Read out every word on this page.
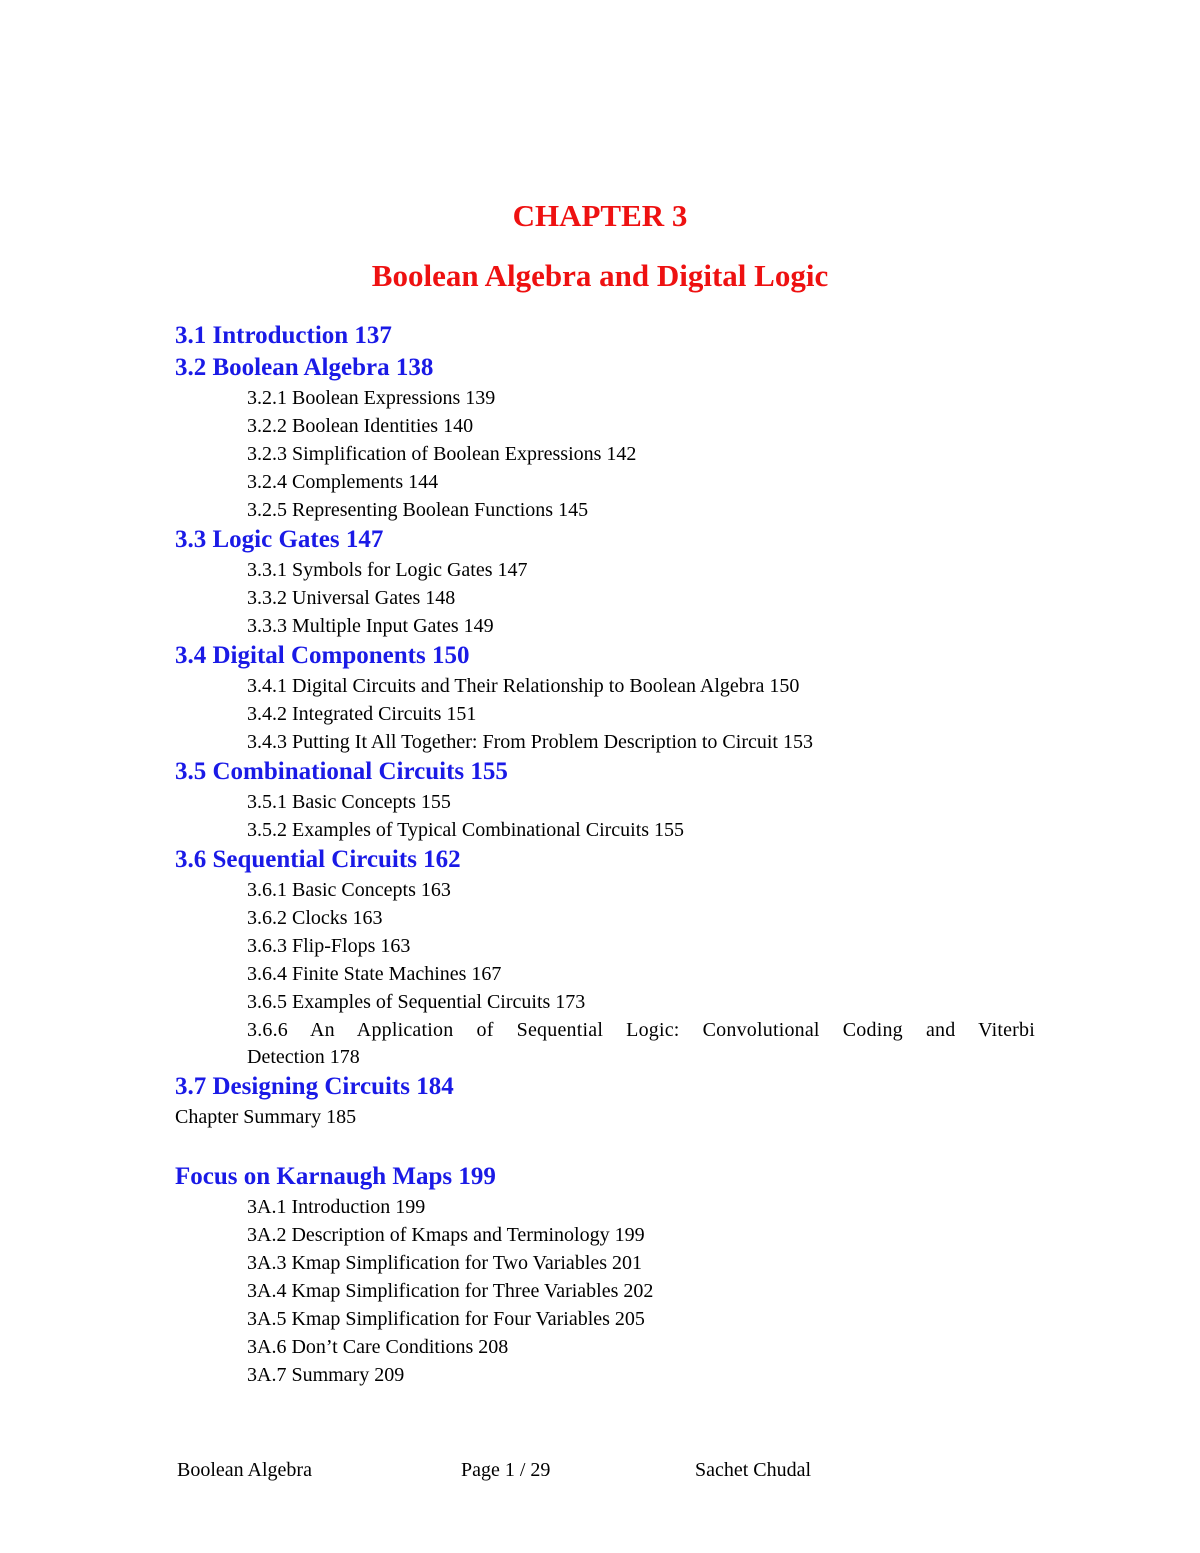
CHAPTER 3
Boolean Algebra and Digital Logic
3.1 Introduction 137
3.2 Boolean Algebra 138
3.2.1 Boolean Expressions 139
3.2.2 Boolean Identities 140
3.2.3 Simplification of Boolean Expressions 142
3.2.4 Complements 144
3.2.5 Representing Boolean Functions 145
3.3 Logic Gates 147
3.3.1 Symbols for Logic Gates 147
3.3.2 Universal Gates 148
3.3.3 Multiple Input Gates 149
3.4 Digital Components 150
3.4.1 Digital Circuits and Their Relationship to Boolean Algebra 150
3.4.2 Integrated Circuits 151
3.4.3 Putting It All Together: From Problem Description to Circuit 153
3.5 Combinational Circuits 155
3.5.1 Basic Concepts 155
3.5.2 Examples of Typical Combinational Circuits 155
3.6 Sequential Circuits 162
3.6.1 Basic Concepts 163
3.6.2 Clocks 163
3.6.3 Flip-Flops 163
3.6.4 Finite State Machines 167
3.6.5 Examples of Sequential Circuits 173
3.6.6 An Application of Sequential Logic: Convolutional Coding and Viterbi
Detection 178
3.7 Designing Circuits 184
Chapter Summary 185
Focus on Karnaugh Maps 199
3A.1 Introduction 199
3A.2 Description of Kmaps and Terminology 199
3A.3 Kmap Simplification for Two Variables 201
3A.4 Kmap Simplification for Three Variables 202
3A.5 Kmap Simplification for Four Variables 205
3A.6 Don’t Care Conditions 208
3A.7 Summary 209
Boolean Algebra	Page 1 / 29	Sachet Chudal
